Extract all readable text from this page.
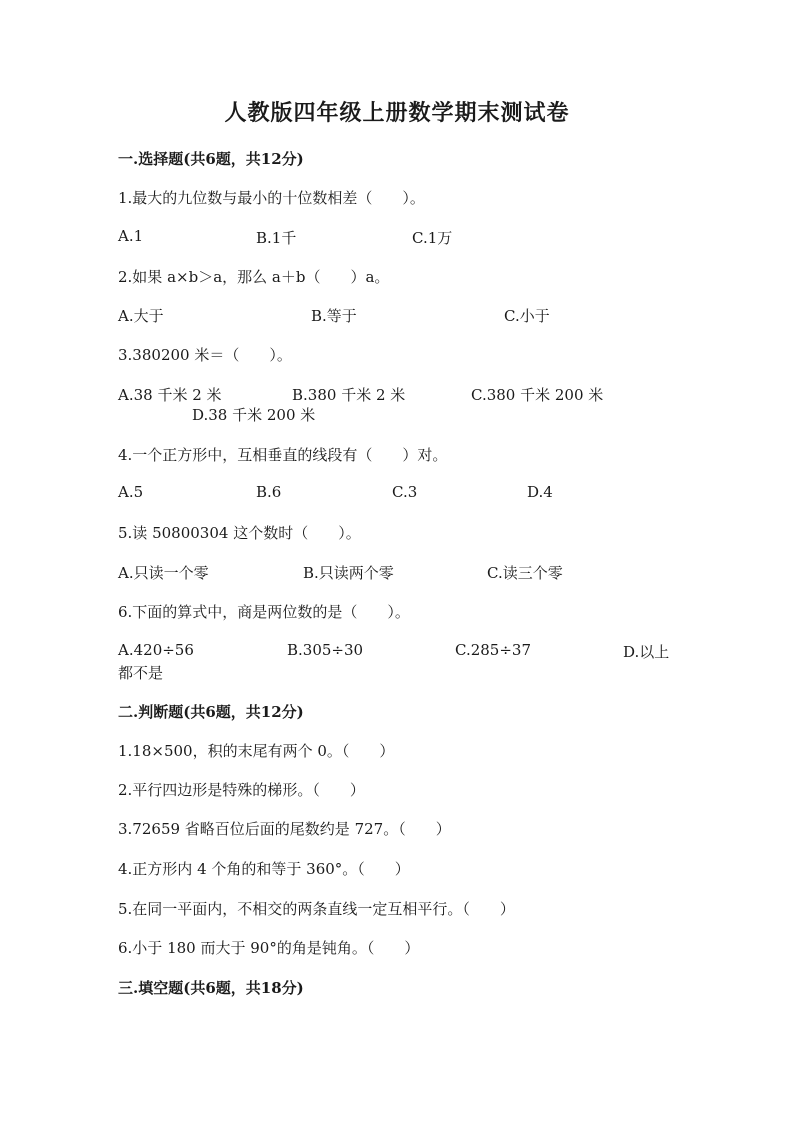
人教版四年级上册数学期末测试卷
一.选择题(共6题，共12分)
1.最大的九位数与最小的十位数相差（　　）。
A.1	B.1千	C.1万
2.如果 a×b＞a，那么 a＋b（　　）a。
A.大于	B.等于	C.小于
3.380200 米＝（　　）。
A.38 千米 2 米	B.380 千米 2 米	C.380 千米 200 米
D.38 千米 200 米
4.一个正方形中，互相垂直的线段有（　　）对。
A.5	B.6	C.3	D.4
5.读 50800304 这个数时（　　）。
A.只读一个零	B.只读两个零	C.读三个零
6.下面的算式中，商是两位数的是（　　）。
A.420÷56	B.305÷30	C.285÷37	D.以上
都不是
二.判断题(共6题，共12分)
1.18×500，积的末尾有两个 0。（　　）
2.平行四边形是特殊的梯形。（　　）
3.72659 省略百位后面的尾数约是 727。（　　）
4.正方形内 4 个角的和等于 360°。（　　）
5.在同一平面内，不相交的两条直线一定互相平行。（　　）
6.小于 180 而大于 90°的角是钝角。（　　）
三.填空题(共6题，共18分)
